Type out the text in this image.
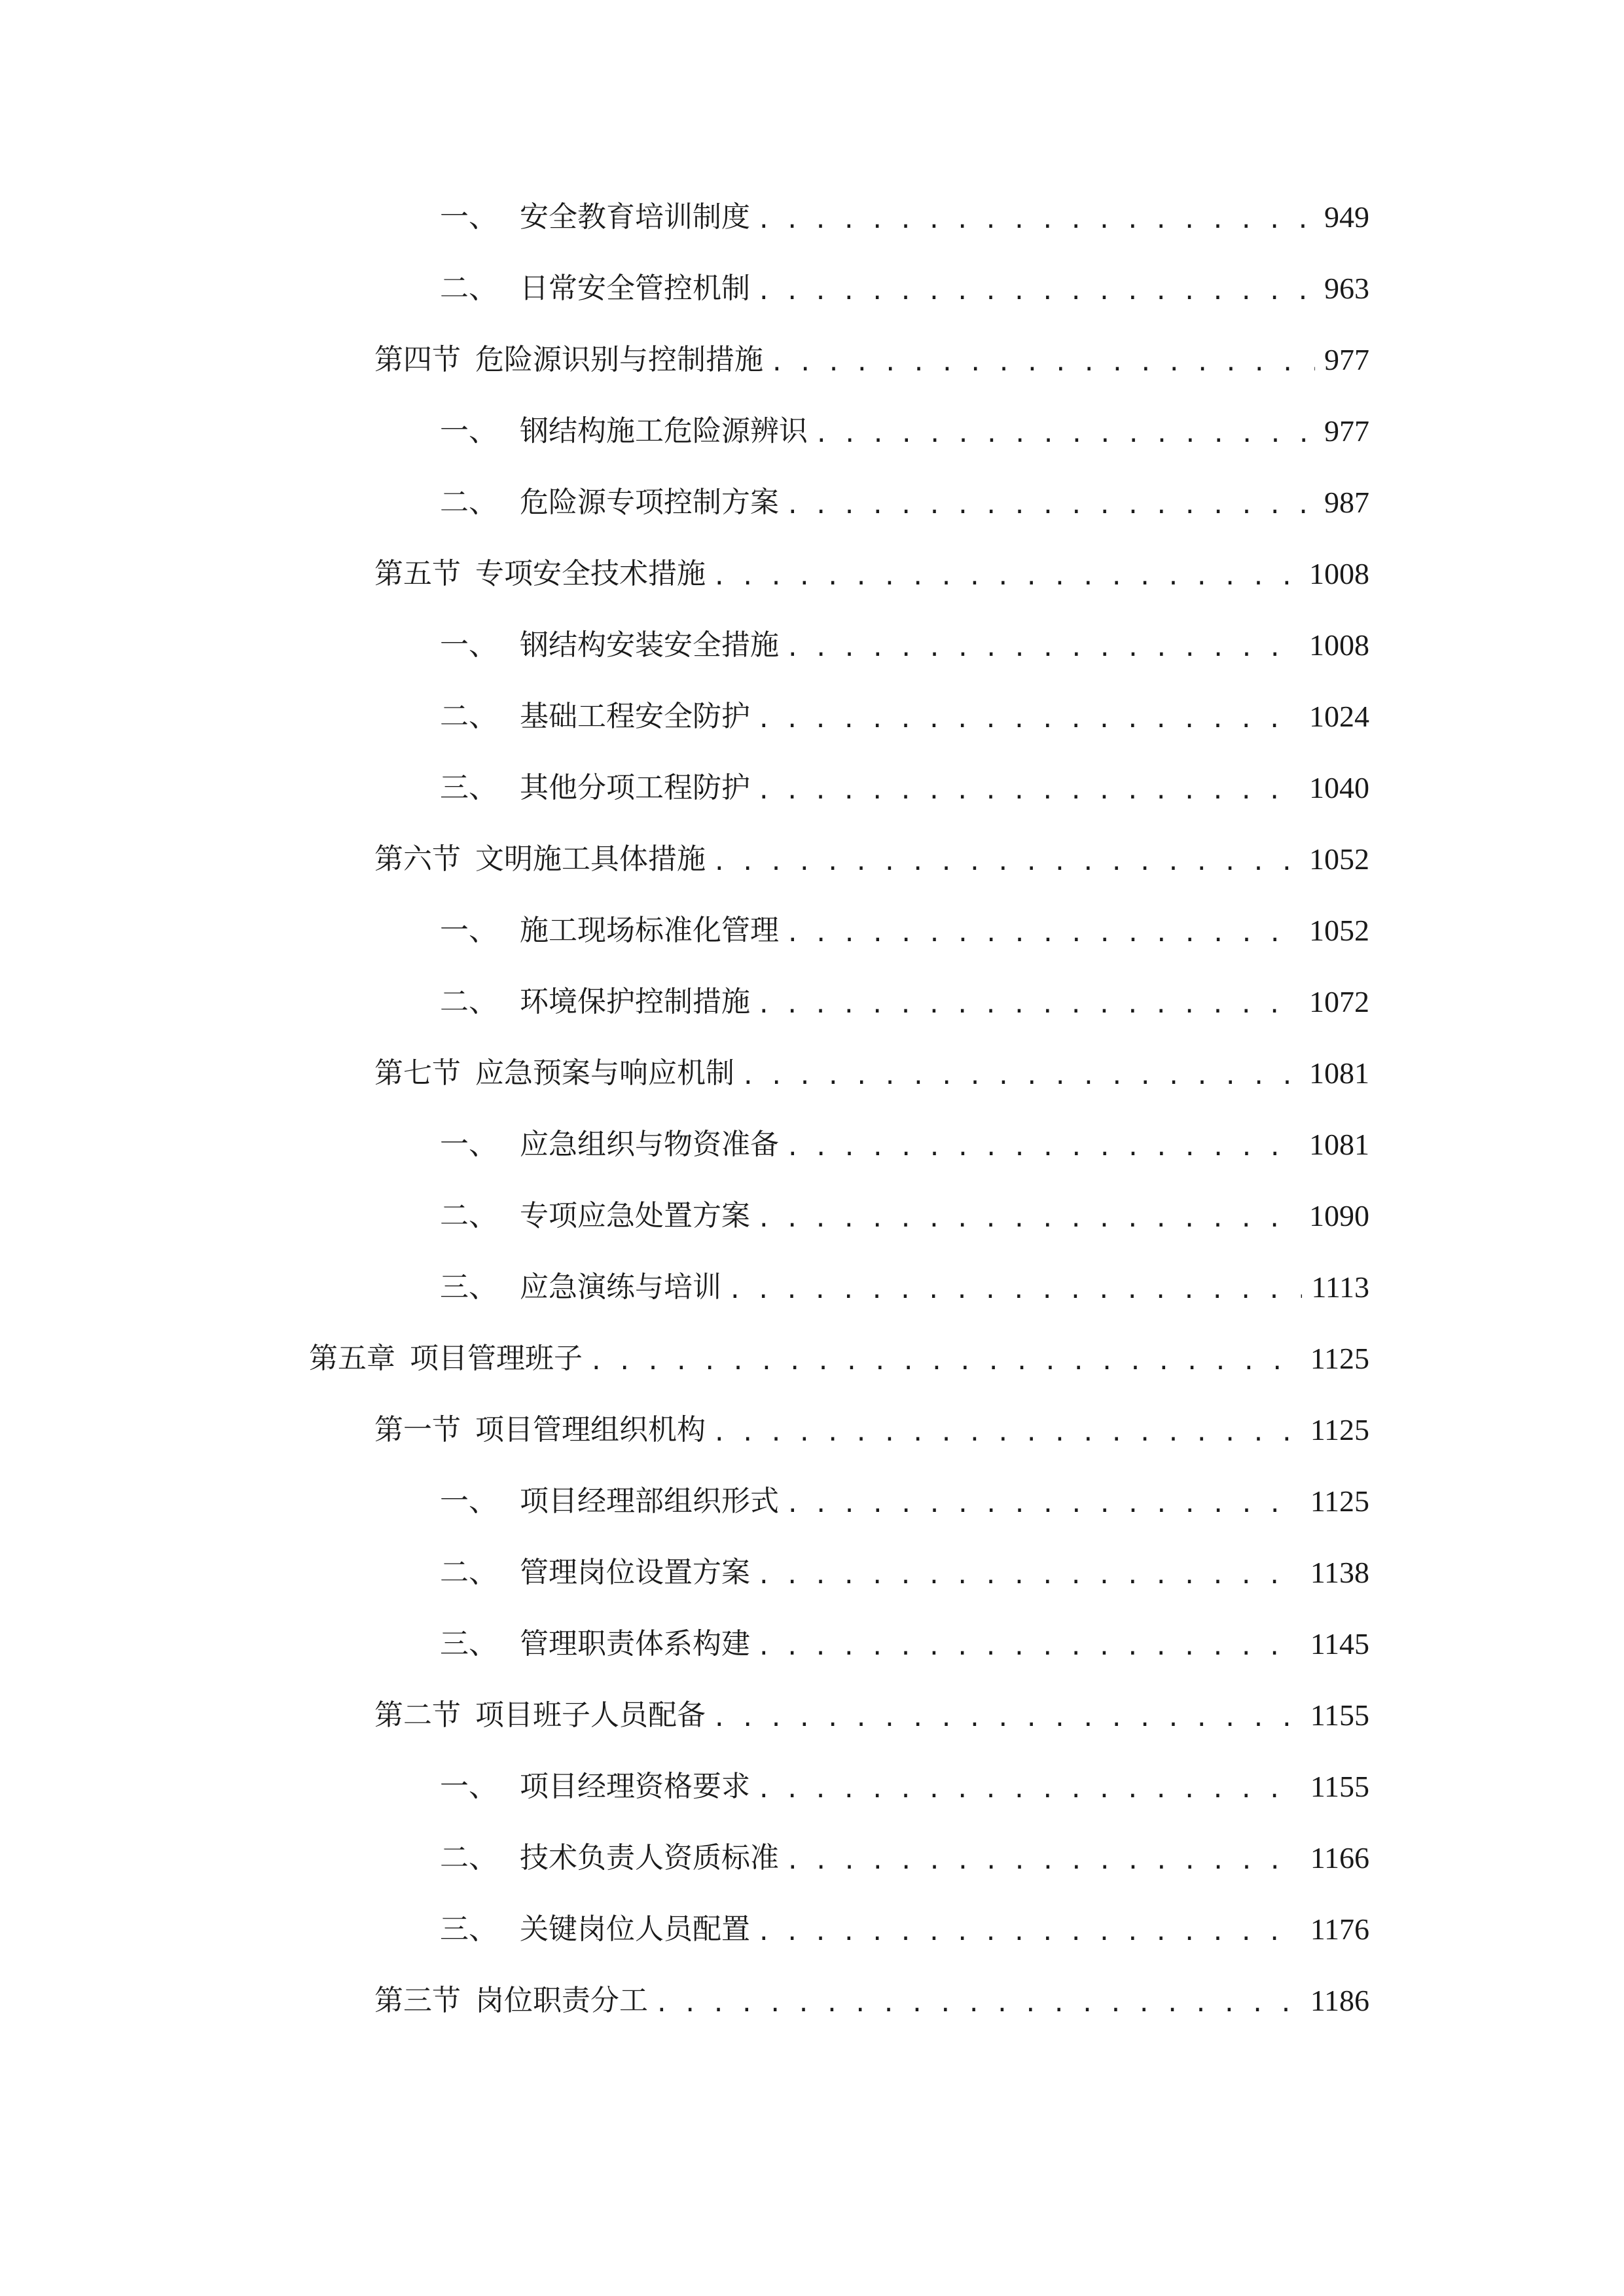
一、 安全教育培训制度 . . .	949
二、 日常安全管控机制 . . .	963
第四节 危险源识别与控制措施 . . .	977
一、 钢结构施工危险源辨识 . . .	977
二、 危险源专项控制方案 . . .	987
第五节 专项安全技术措施 . . .	1008
一、 钢结构安装安全措施 . . .	1008
二、 基础工程安全防护 . . .	1024
三、 其他分项工程防护 . . .	1040
第六节 文明施工具体措施 . . .	1052
一、 施工现场标准化管理 . . .	1052
二、 环境保护控制措施 . . .	1072
第七节 应急预案与响应机制 . . .	1081
一、 应急组织与物资准备 . . .	1081
二、 专项应急处置方案 . . .	1090
三、 应急演练与培训 . . .	1113
第五章 项目管理班子 . . .	1125
第一节 项目管理组织机构 . . .	1125
一、 项目经理部组织形式 . . .	1125
二、 管理岗位设置方案 . . .	1138
三、 管理职责体系构建 . . .	1145
第二节 项目班子人员配备 . . .	1155
一、 项目经理资格要求 . . .	1155
二、 技术负责人资质标准 . . .	1166
三、 关键岗位人员配置 . . .	1176
第三节 岗位职责分工 . . .	1186
